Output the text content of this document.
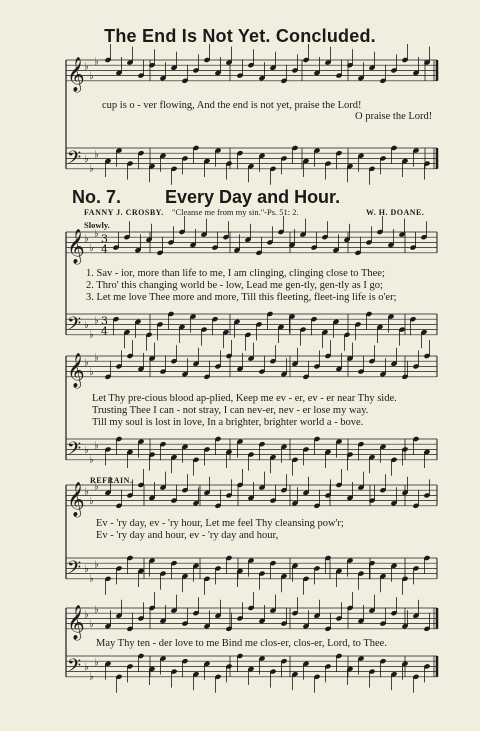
𝄞 ♭
♭
♭
𝄢 ♭
♭
♭
𝄞 ♭
♭
♭ 3
4
𝄢 ♭
♭
♭ 3
4
𝄞 ♭
♭
♭
𝄢 ♭
♭
♭
𝄞 ♭
♭
♭
𝄢 ♭
♭
♭
𝄞 ♭
♭
♭
𝄢 ♭
♭
♭
The End Is Not Yet. Concluded.
cup is o - ver flowing, And the end is not yet, praise the Lord!
O praise the Lord!
No. 7. Every Day and Hour.
FANNY J. CROSBY. "Cleanse me from my sin."-Ps. 51: 2.	W. H. DOANE.
Slowly.
1. Sav - ior, more than life to me, I am clinging, clinging close to Thee;
2. Thro' this changing world be - low, Lead me gen-tly, gen-tly as I go;
3. Let me love Thee more and more, Till this fleeting, fleet-ing life is o'er;
Let Thy pre-cious blood ap-plied, Keep me ev - er, ev - er near Thy side.
Trusting Thee I can - not stray, I can nev-er, nev - er lose my way.
Till my soul is lost in love, In a brighter, brighter world a - bove.
REFRAIN.
Ev - 'ry day, ev - 'ry hour, Let me feel Thy cleansing pow'r;
Ev - 'ry day and hour, ev - 'ry day and hour,
May Thy ten - der love to me Bind me clos-er, clos-er, Lord, to Thee.
